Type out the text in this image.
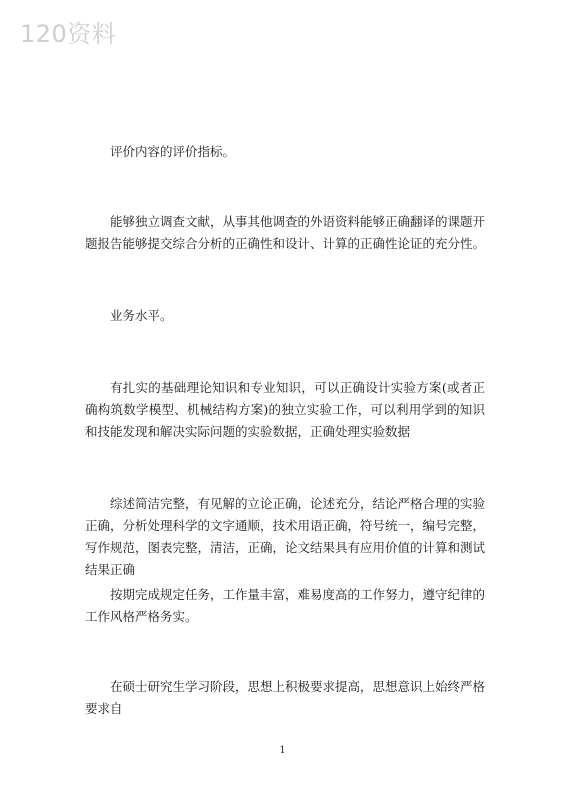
120资料

评价内容的评价指标。

能够独立调查文献，从事其他调查的外语资料能够正确翻译的课题开题报告能够提交综合分析的正确性和设计、计算的正确性论证的充分性。

业务水平。

有扎实的基础理论知识和专业知识，可以正确设计实验方案(或者正确构筑数学模型、机械结构方案)的独立实验工作，可以利用学到的知识和技能发现和解决实际问题的实验数据，正确处理实验数据

综述简洁完整，有见解的立论正确，论述充分，结论严格合理的实验正确，分析处理科学的文字通顺，技术用语正确，符号统一，编号完整，写作规范，图表完整，清洁，正确，论文结果具有应用价值的计算和测试结果正确

按期完成规定任务，工作量丰富，难易度高的工作努力，遵守纪律的工作风格严格务实。

在硕士研究生学习阶段，思想上积极要求提高，思想意识上始终严格要求自

1
